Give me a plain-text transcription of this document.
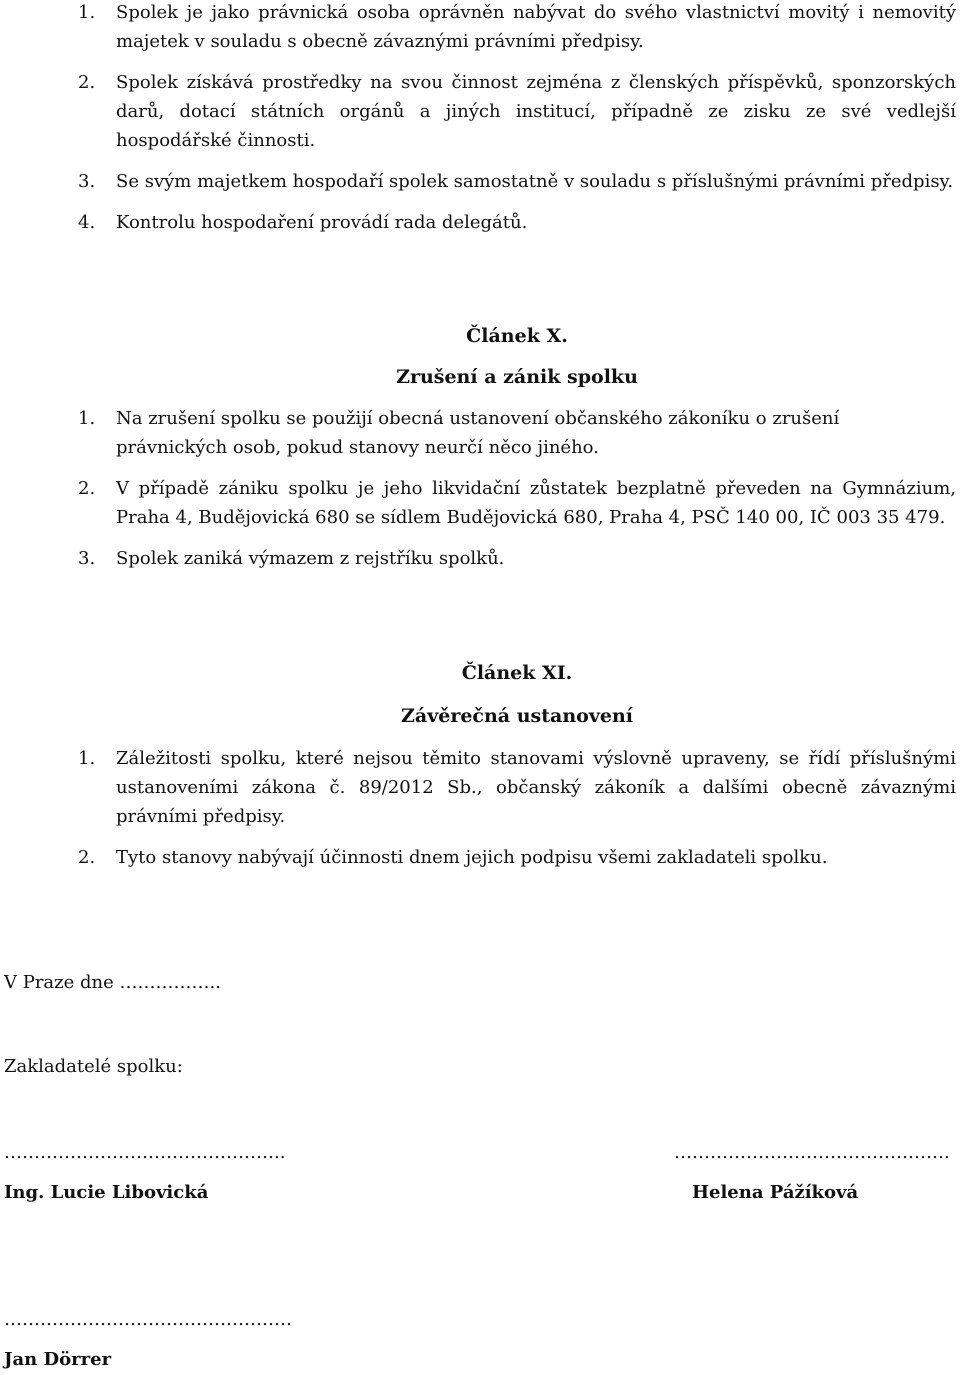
1. Spolek je jako právnická osoba oprávněn nabývat do svého vlastnictví movitý i nemovitý majetek v souladu s obecně závaznými právními předpisy.
2. Spolek získává prostředky na svou činnost zejména z členských příspěvků, sponzorských darů, dotací státních orgánů a jiných institucí, případně ze zisku ze své vedlejší hospodářské činnosti.
3. Se svým majetkem hospodaří spolek samostatně v souladu s příslušnými právními předpisy.
4. Kontrolu hospodaření provádí rada delegátů.
Článek X.
Zrušení a zánik spolku
1. Na zrušení spolku se použijí obecná ustanovení občanského zákoníku o zrušení právnických osob, pokud stanovy neurčí něco jiného.
2. V případě zániku spolku je jeho likvidační zůstatek bezplatně převeden na Gymnázium, Praha 4, Budějovická 680 se sídlem Budějovická 680, Praha 4, PSČ 140 00, IČ 003 35 479.
3. Spolek zaniká výmazem z rejstříku spolků.
Článek XI.
Závěrečná ustanovení
1. Záležitosti spolku, které nejsou těmito stanovami výslovně upraveny, se řídí příslušnými ustanoveními zákona č. 89/2012 Sb., občanský zákoník a dalšími obecně závaznými právními předpisy.
2. Tyto stanovy nabývají účinnosti dnem jejich podpisu všemi zakladateli spolku.

V Praze dne ……………..

Zakladatelé spolku:

………………………………………..

Ing. Lucie Libovická

……………………………………….

Helena Pážíková

…………………………………………

Jan Dörrer
